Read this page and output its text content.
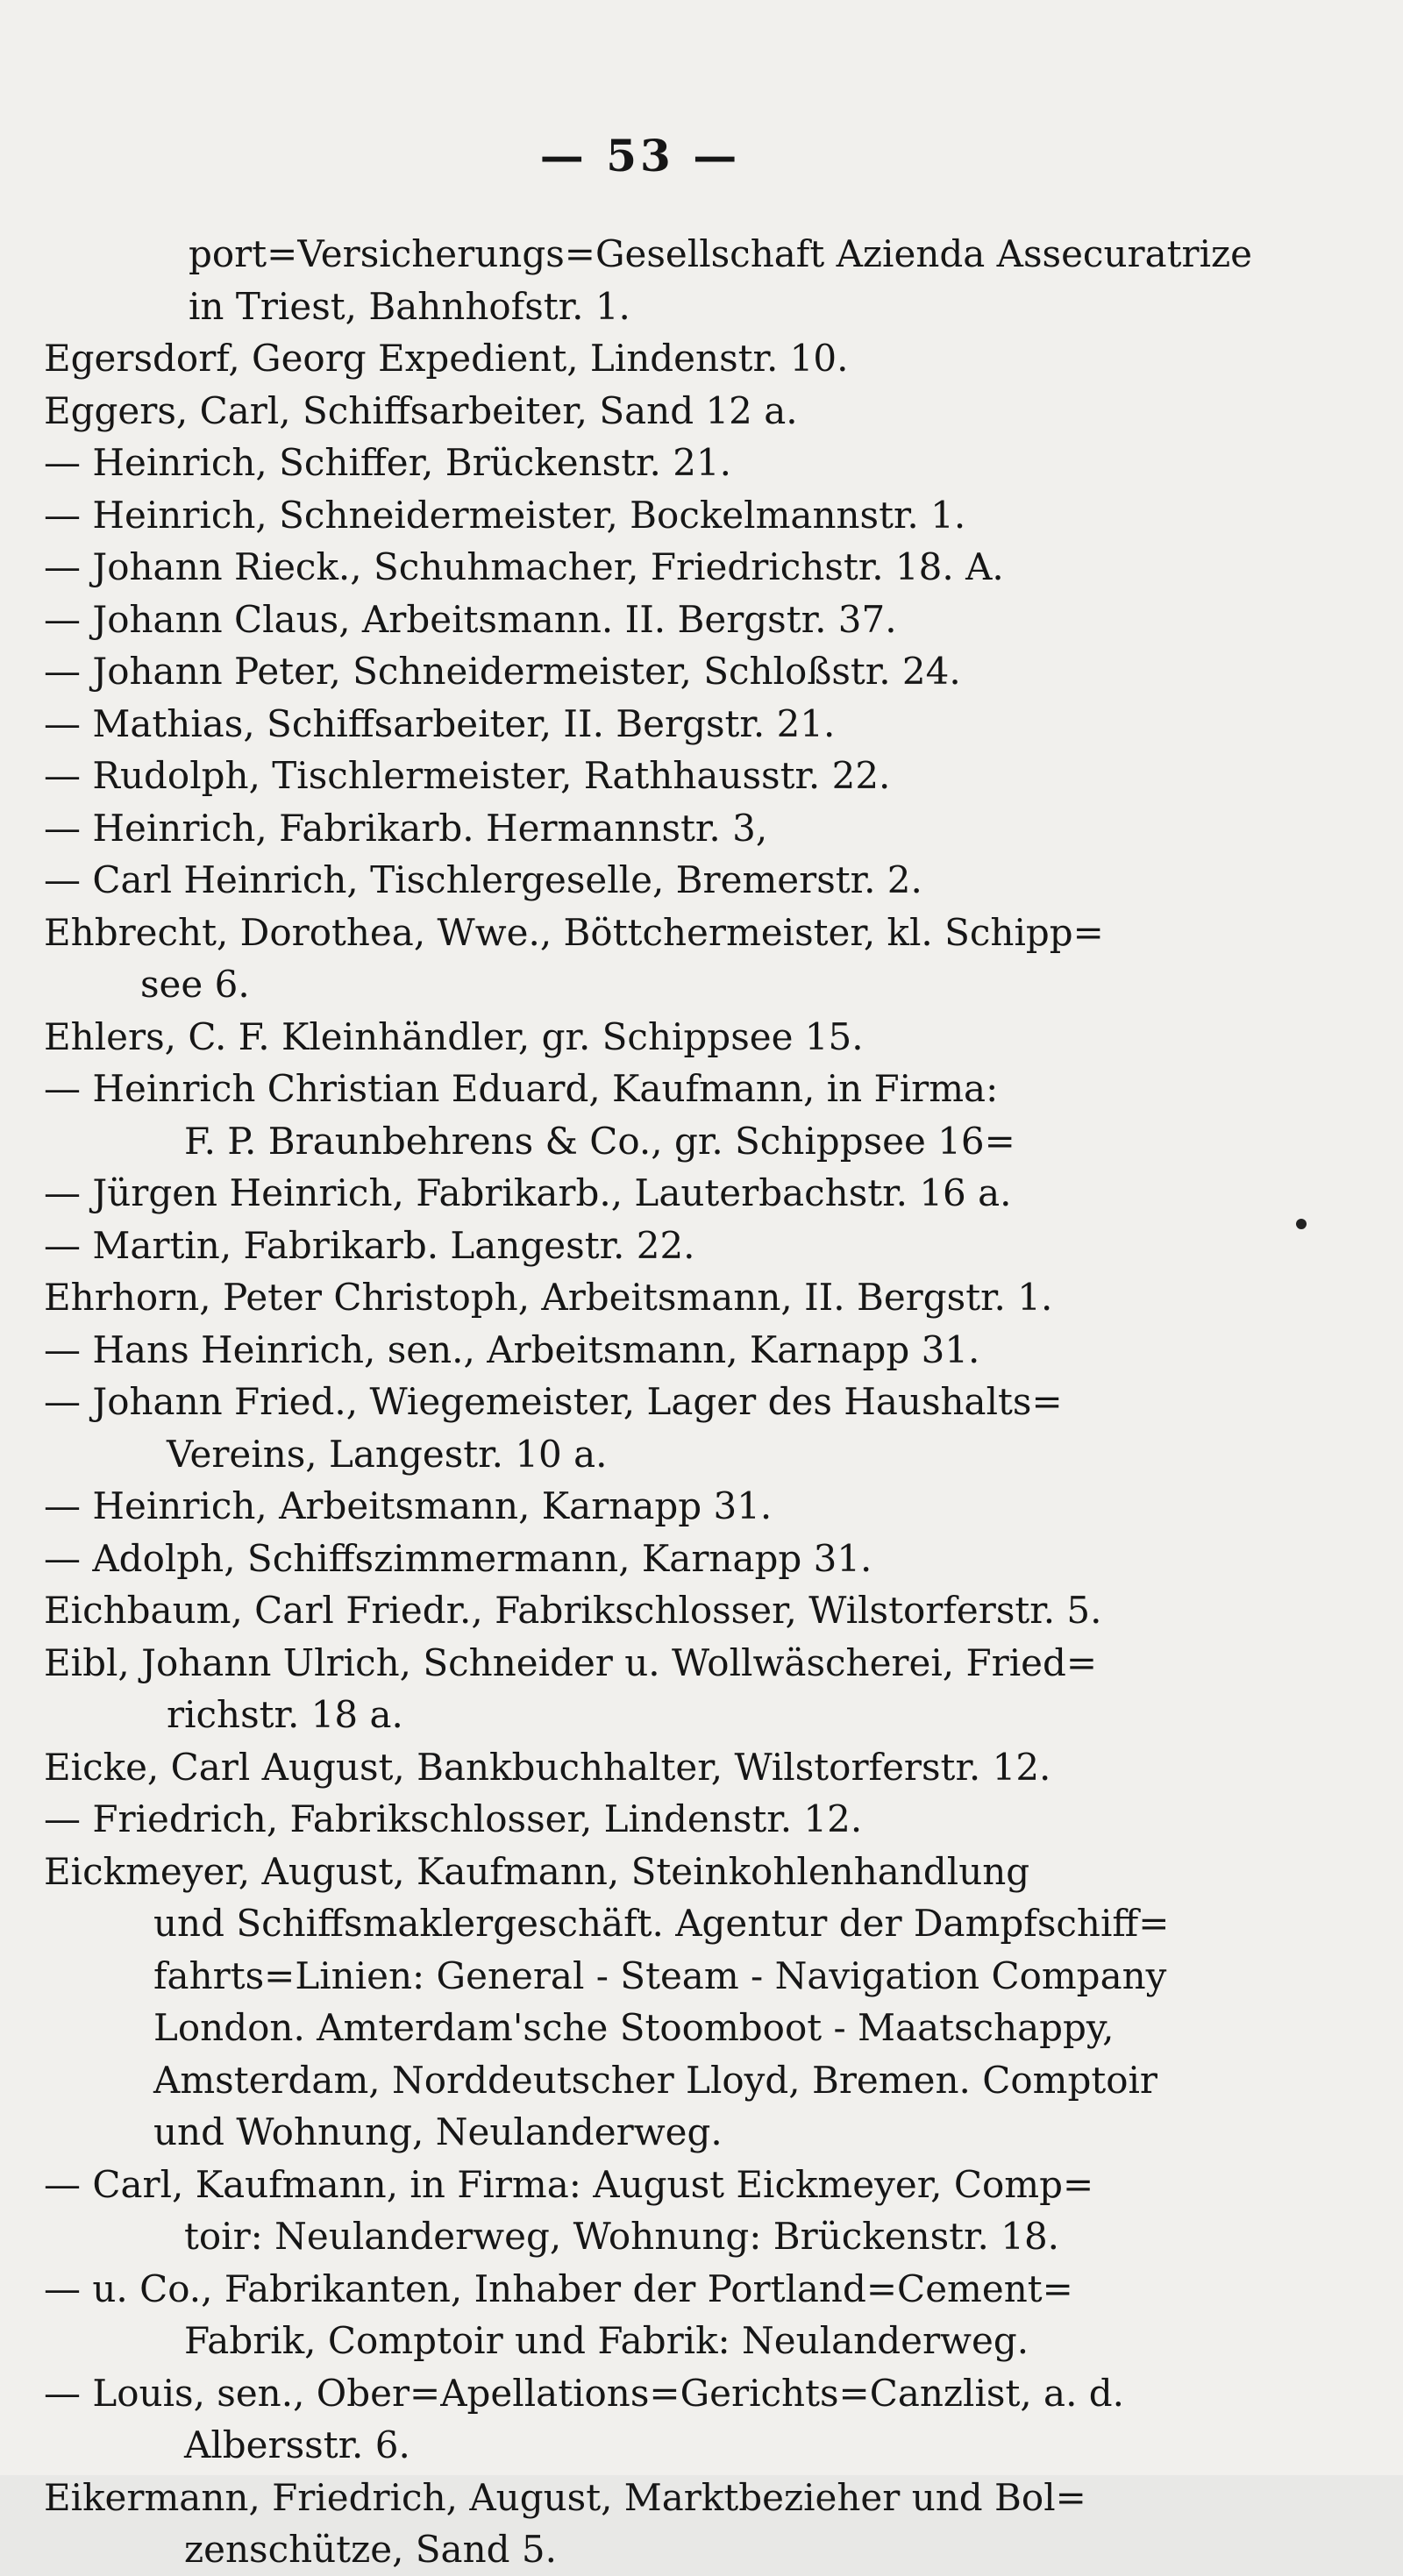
— 53 —
port=Versicherungs=Gesellschaft Azienda Assecuratrize
in Triest, Bahnhofstr. 1.
Egersdorf, Georg Expedient, Lindenstr. 10.
Eggers, Carl, Schiffsarbeiter, Sand 12 a.
— Heinrich, Schiffer, Brückenstr. 21.
— Heinrich, Schneidermeister, Bockelmannstr. 1.
— Johann Rieck., Schuhmacher, Friedrichstr. 18. A.
— Johann Claus, Arbeitsmann. II. Bergstr. 37.
— Johann Peter, Schneidermeister, Schloßstr. 24.
— Mathias, Schiffsarbeiter, II. Bergstr. 21.
— Rudolph, Tischlermeister, Rathhausstr. 22.
— Heinrich, Fabrikarb. Hermannstr. 3,
— Carl Heinrich, Tischlergeselle, Bremerstr. 2.
Ehbrecht, Dorothea, Wwe., Böttchermeister, kl. Schipp=
see 6.
Ehlers, C. F. Kleinhändler, gr. Schippsee 15.
— Heinrich Christian Eduard, Kaufmann, in Firma:
F. P. Braunbehrens & Co., gr. Schippsee 16=
— Jürgen Heinrich, Fabrikarb., Lauterbachstr. 16 a.
— Martin, Fabrikarb. Langestr. 22.
Ehrhorn, Peter Christoph, Arbeitsmann, II. Bergstr. 1.
— Hans Heinrich, sen., Arbeitsmann, Karnapp 31.
— Johann Fried., Wiegemeister, Lager des Haushalts=
Vereins, Langestr. 10 a.
— Heinrich, Arbeitsmann, Karnapp 31.
— Adolph, Schiffszimmermann, Karnapp 31.
Eichbaum, Carl Friedr., Fabrikschlosser, Wilstorferstr. 5.
Eibl, Johann Ulrich, Schneider u. Wollwäscherei, Fried=
richstr. 18 a.
Eicke, Carl August, Bankbuchhalter, Wilstorferstr. 12.
— Friedrich, Fabrikschlosser, Lindenstr. 12.
Eickmeyer, August, Kaufmann, Steinkohlenhandlung
und Schiffsmaklergeschäft. Agentur der Dampfschiff=
fahrts=Linien: General - Steam - Navigation Company
London. Amterdam'sche Stoomboot - Maatschappy,
Amsterdam, Norddeutscher Lloyd, Bremen. Comptoir
und Wohnung, Neulanderweg.
— Carl, Kaufmann, in Firma: August Eickmeyer, Comp=
toir: Neulanderweg, Wohnung: Brückenstr. 18.
— u. Co., Fabrikanten, Inhaber der Portland=Cement=
Fabrik, Comptoir und Fabrik: Neulanderweg.
— Louis, sen., Ober=Apellations=Gerichts=Canzlist, a. d.
Albersstr. 6.
Eikermann, Friedrich, August, Marktbezieher und Bol=
zenschütze, Sand 5.
